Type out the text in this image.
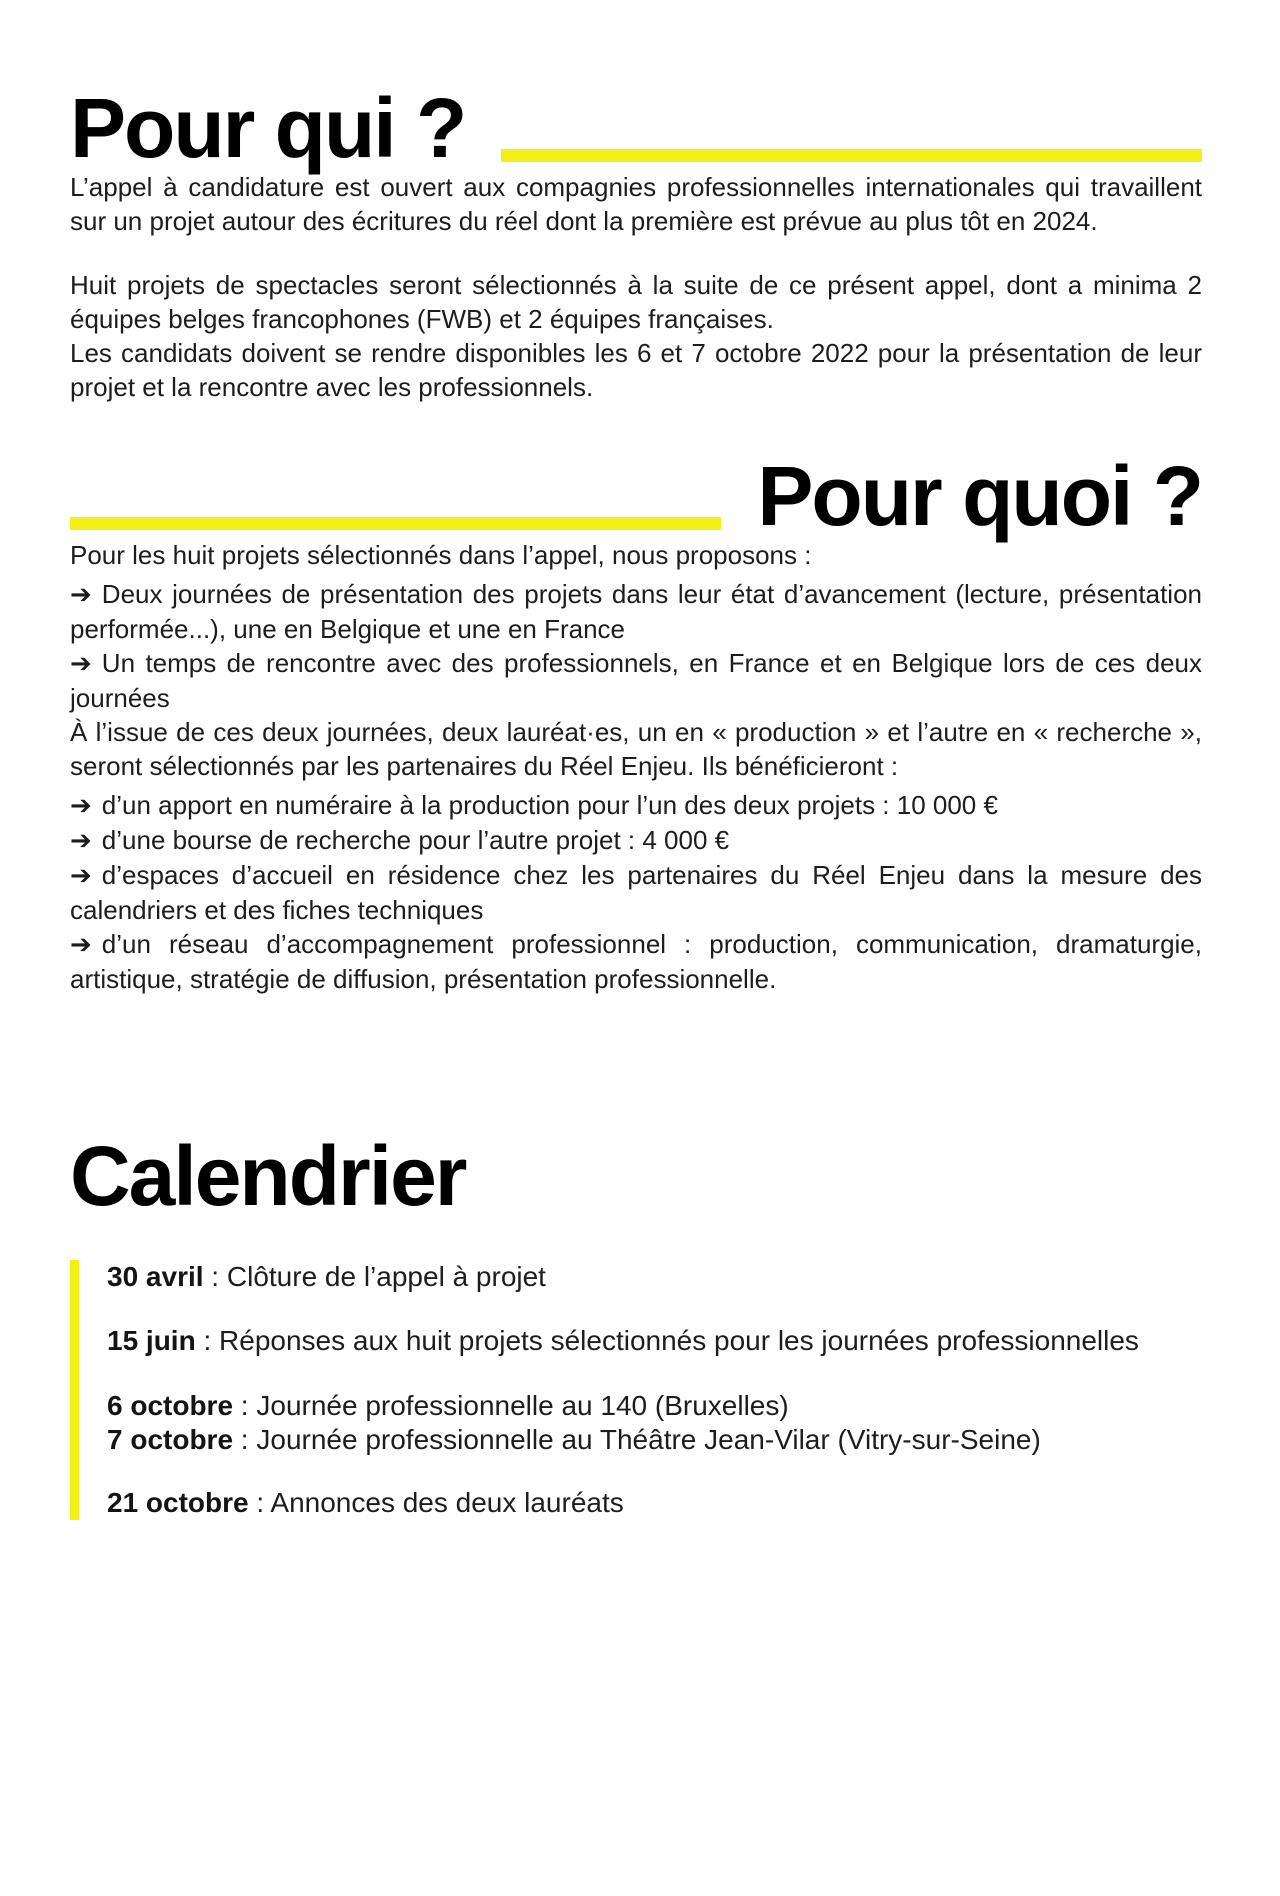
Pour qui ?

L’appel à candidature est ouvert aux compagnies professionnelles internationales qui travaillent sur un projet autour des écritures du réel dont la première est prévue au plus tôt en 2024.

Huit projets de spectacles seront sélectionnés à la suite de ce présent appel, dont a minima 2 équipes belges francophones (FWB) et 2 équipes françaises.

Les candidats doivent se rendre disponibles les 6 et 7 octobre 2022 pour la présentation de leur projet et la rencontre avec les professionnels.

Pour quoi ?

Pour les huit projets sélectionnés dans l’appel, nous proposons :

➔ Deux journées de présentation des projets dans leur état d’avancement (lecture, présentation performée...), une en Belgique et une en France

➔ Un temps de rencontre avec des professionnels, en France et en Belgique lors de ces deux journées

À l’issue de ces deux journées, deux lauréat·es, un en « production » et l’autre en « recherche », seront sélectionnés par les partenaires du Réel Enjeu. Ils bénéficieront :

➔ d’un apport en numéraire à la production pour l’un des deux projets : 10 000 €

➔ d’une bourse de recherche pour l’autre projet : 4 000 €

➔ d’espaces d’accueil en résidence chez les partenaires du Réel Enjeu dans la mesure des calendriers et des fiches techniques

➔ d’un réseau d’accompagnement professionnel : production, communication, dramaturgie, artistique, stratégie de diffusion, présentation professionnelle.

Calendrier
30 avril : Clôture de l’appel à projet
15 juin : Réponses aux huit projets sélectionnés pour les journées professionnelles
6 octobre : Journée professionnelle au 140 (Bruxelles)
7 octobre : Journée professionnelle au Théâtre Jean-Vilar (Vitry-sur-Seine)
21 octobre : Annonces des deux lauréats
